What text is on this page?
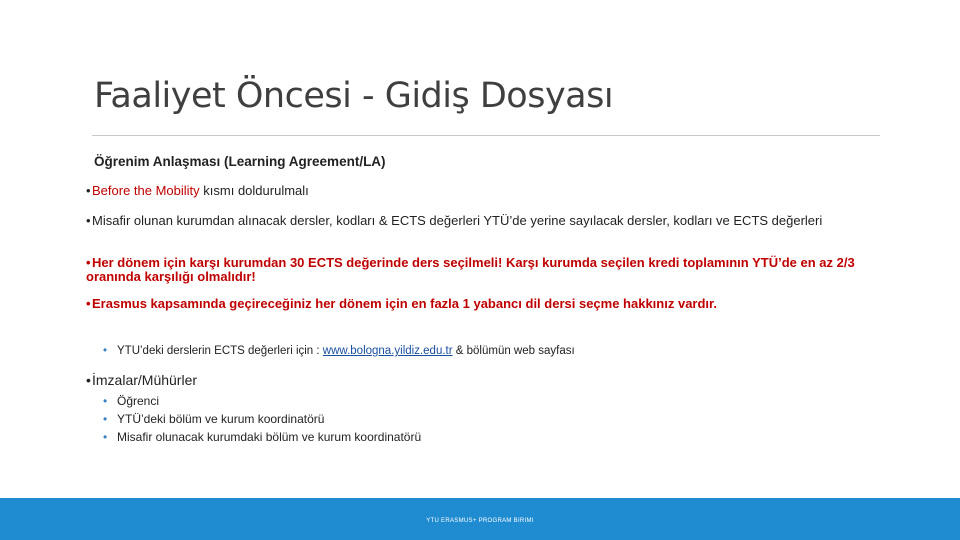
Faaliyet Öncesi - Gidiş Dosyası
Öğrenim Anlaşması (Learning Agreement/LA)
•Before the Mobility kısmı doldurulmalı
•Misafir olunan kurumdan alınacak dersler, kodları & ECTS değerleri YTÜ’de yerine sayılacak dersler, kodları ve ECTS değerleri
•Her dönem için karşı kurumdan 30 ECTS değerinde ders seçilmeli! Karşı kurumda seçilen kredi toplamının YTÜ’de en az 2/3 oranında karşılığı olmalıdır!
•Erasmus kapsamında geçireceğiniz her dönem için en fazla 1 yabancı dil dersi seçme hakkınız vardır.
• YTU’deki derslerin ECTS değerleri için : www.bologna.yildiz.edu.tr & bölümün web sayfası
•İmzalar/Mühürler
• Öğrenci
• YTÜ’deki bölüm ve kurum koordinatörü
• Misafir olunacak kurumdaki bölüm ve kurum koordinatörü
YTU ERASMUS+ PROGRAM BIRIMI
